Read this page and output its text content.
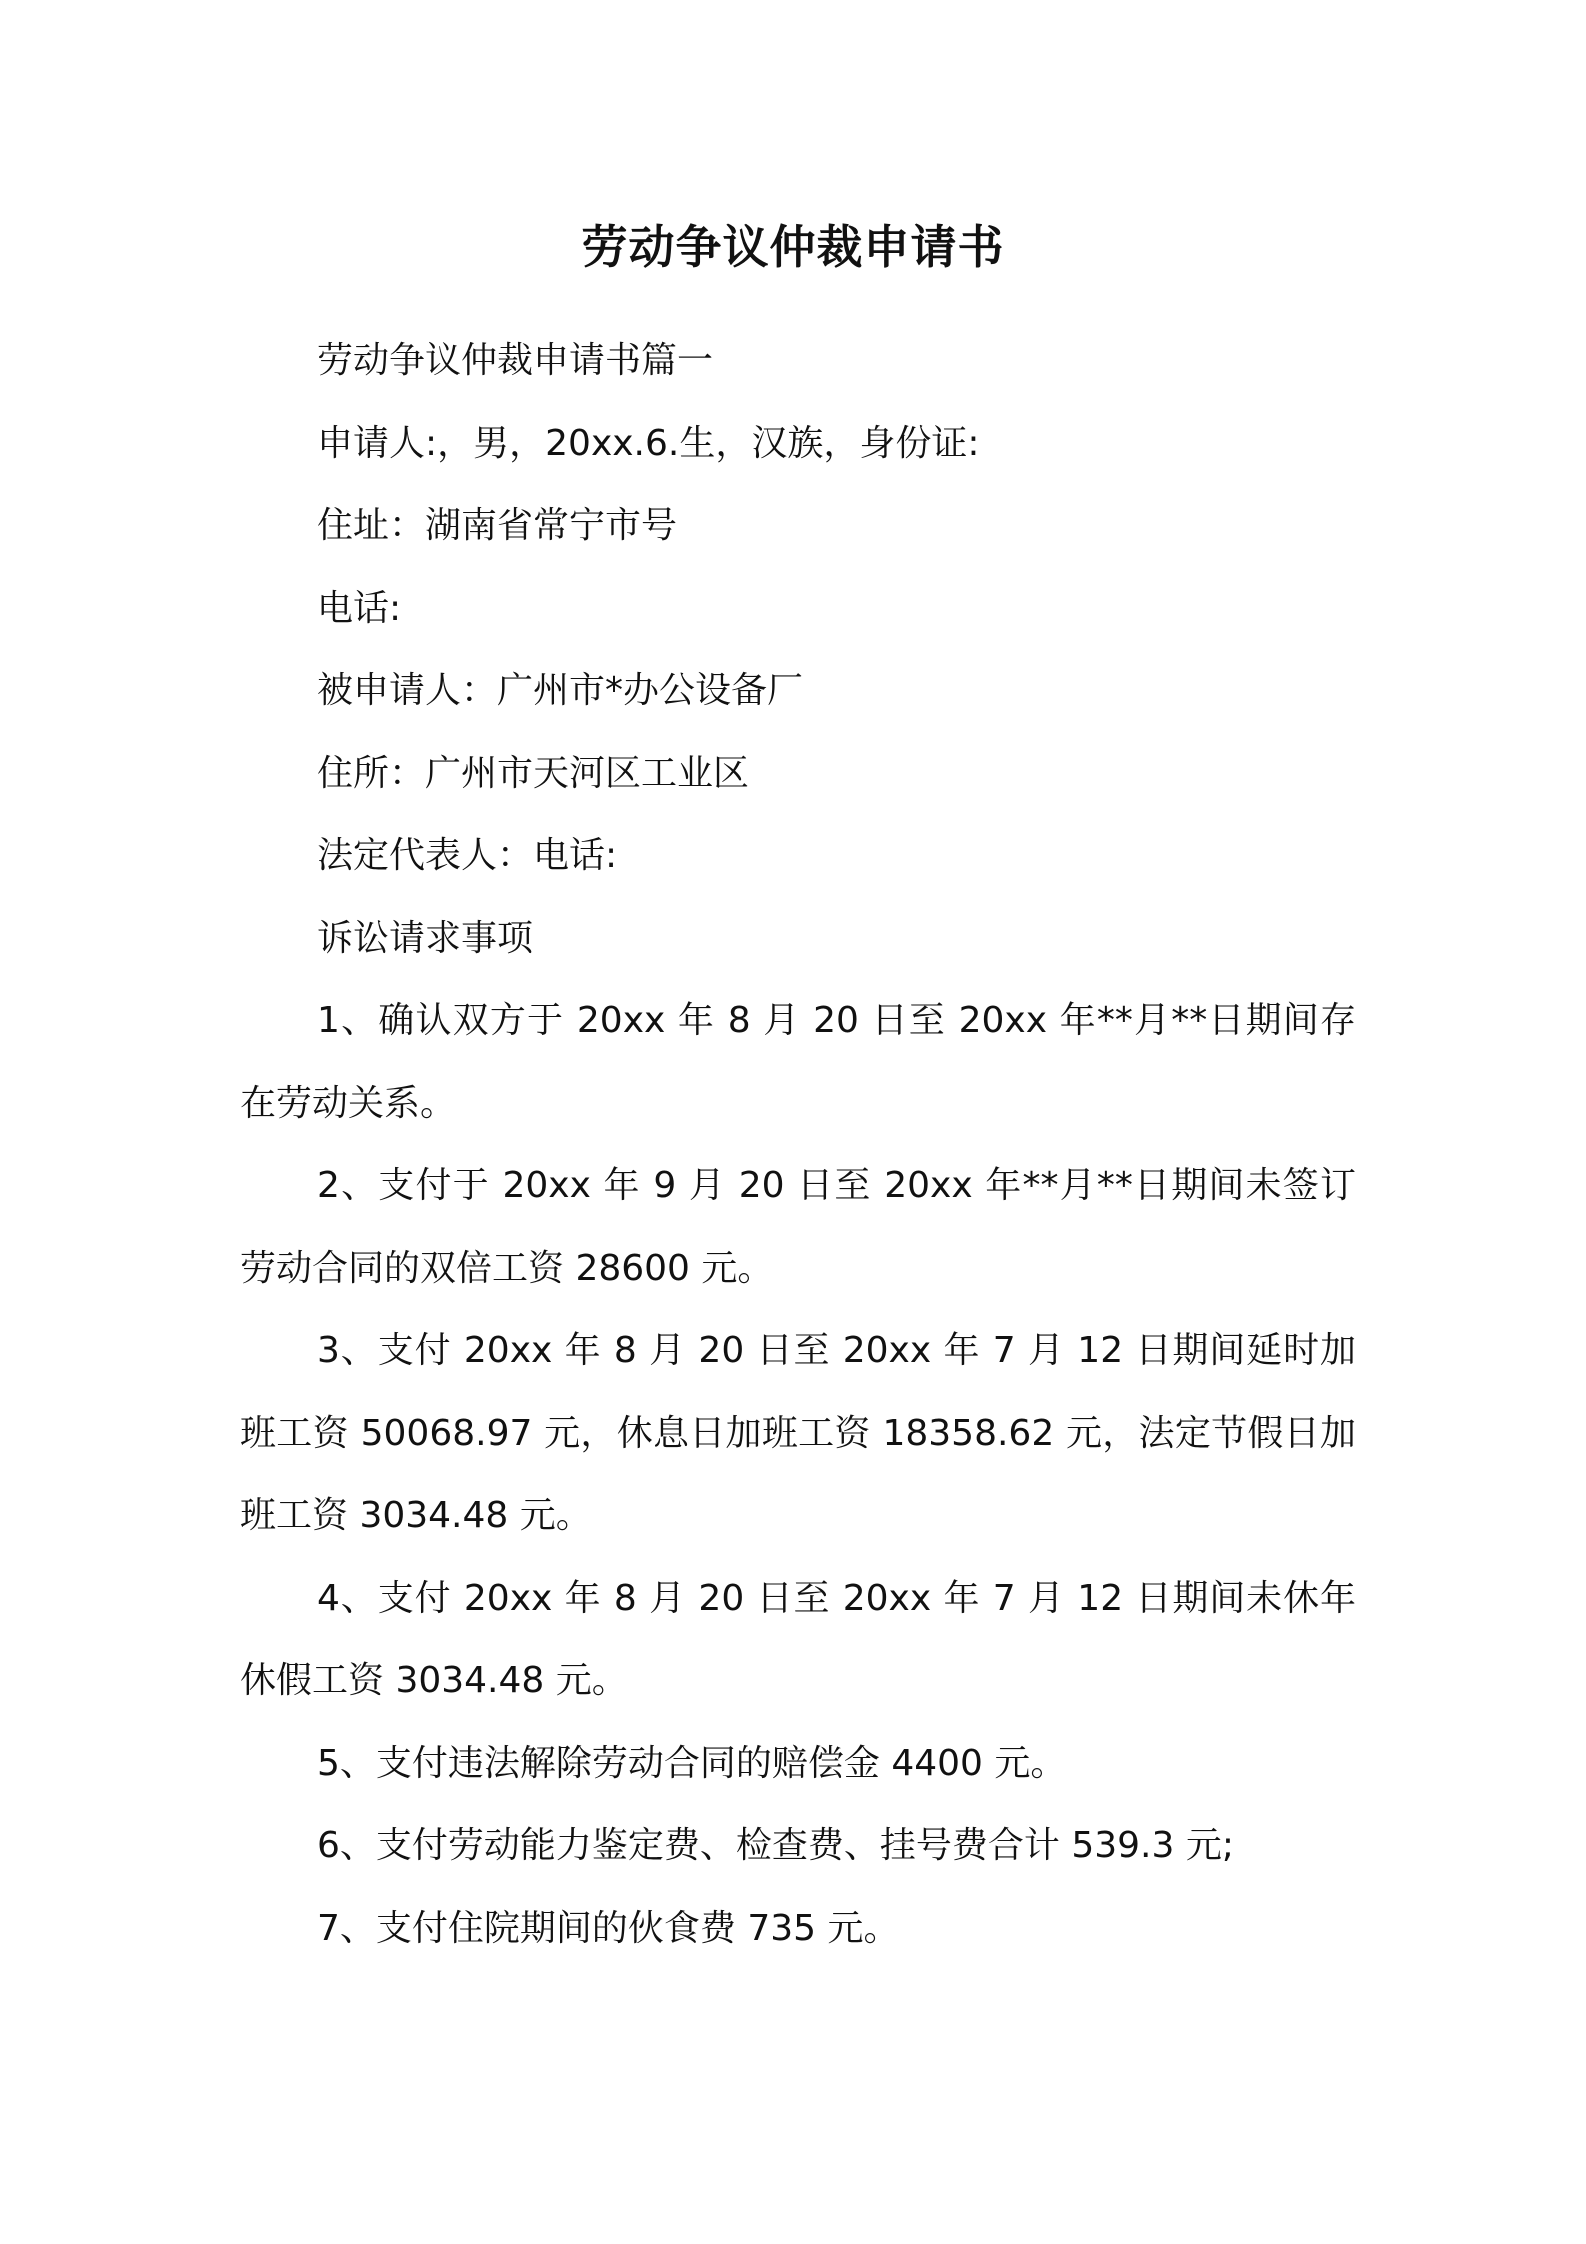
劳动争议仲裁申请书

劳动争议仲裁申请书篇一

申请人:，男，20xx.6.生，汉族，身份证:

住址：湖南省常宁市号

电话:

被申请人：广州市*办公设备厂

住所：广州市天河区工业区

法定代表人：电话:

诉讼请求事项

1、确认双方于 20xx 年 8 月 20 日至 20xx 年**月**日期间存在劳动关系。

2、支付于 20xx 年 9 月 20 日至 20xx 年**月**日期间未签订劳动合同的双倍工资 28600 元。

3、支付 20xx 年 8 月 20 日至 20xx 年 7 月 12 日期间延时加班工资 50068.97 元，休息日加班工资 18358.62 元，法定节假日加班工资 3034.48 元。

4、支付 20xx 年 8 月 20 日至 20xx 年 7 月 12 日期间未休年休假工资 3034.48 元。

5、支付违法解除劳动合同的赔偿金 4400 元。

6、支付劳动能力鉴定费、检查费、挂号费合计 539.3 元;

7、支付住院期间的伙食费 735 元。
